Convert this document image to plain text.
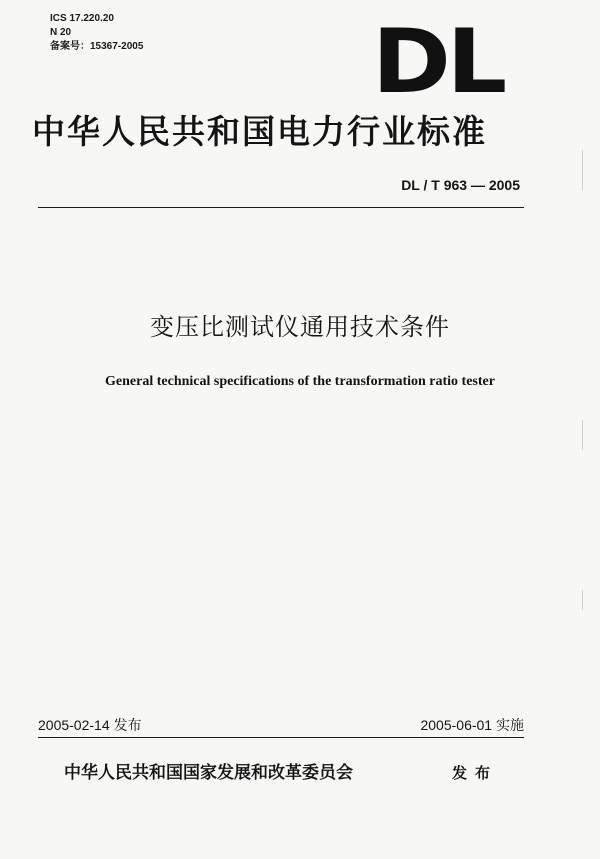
ICS 17.220.20
N 20
备案号：15367-2005	DL
中华人民共和国电力行业标准
DL / T 963 — 2005
变压比测试仪通用技术条件
General technical specifications of the transformation ratio tester
2005-02-14 发布	2005-06-01 实施
中华人民共和国国家发展和改革委员会	发布
